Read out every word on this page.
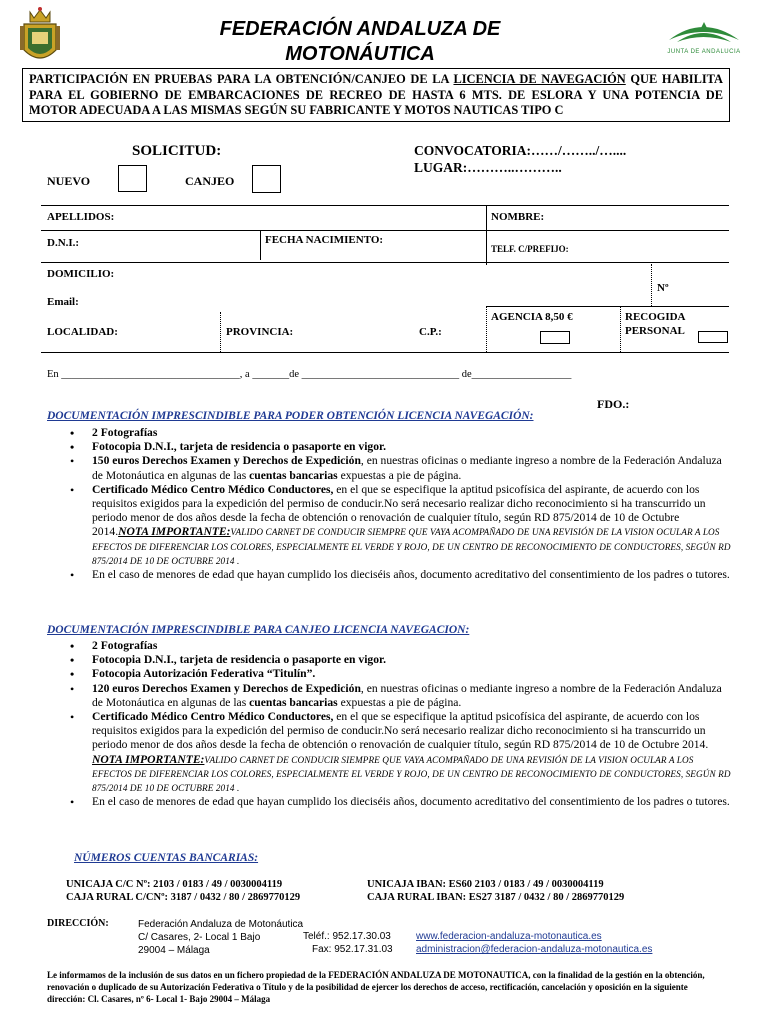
FEDERACIÓN ANDALUZA DE
MOTONÁUTICA	JUNTA DE ANDALUCIA
PARTICIPACIÓN EN PRUEBAS PARA LA OBTENCIÓN/CANJEO DE LA LICENCIA DE NAVEGACIÓN QUE HABILITA PARA EL GOBIERNO DE EMBARCACIONES DE RECREO DE HASTA 6 MTS. DE ESLORA Y UNA POTENCIA DE MOTOR ADECUADA A LAS MISMAS SEGÚN SU FABRICANTE Y MOTOS NAUTICAS TIPO C
SOLICITUD:
NUEVO	CANJEO
CONVOCATORIA:……/……../…....
LUGAR:………..………..
APELLIDOS:	NOMBRE:
D.N.I.:	FECHA NACIMIENTO:
TELF. C/PREFIJO:
DOMICILIO:
Nº
Email:
LOCALIDAD:	PROVINCIA:	C.P.:
AGENCIA 8,50 €	RECOGIDA
PERSONAL
En __________________________________, a _______de ______________________________ de___________________
FDO.:
DOCUMENTACIÓN IMPRESCINDIBLE PARA PODER OBTENCIÓN LICENCIA NAVEGACIÓN:
• 2 Fotografías
• Fotocopia D.N.I., tarjeta de residencia o pasaporte en vigor.
• 150 euros Derechos Examen y Derechos de Expedición, en nuestras oficinas o mediante ingreso a nombre de la Federación Andaluza de Motonáutica en algunas de las cuentas bancarias expuestas a pie de página.
• Certificado Médico Centro Médico Conductores, en el que se especifique la aptitud psicofísica del aspirante, de acuerdo con los requisitos exigidos para la expedición del permiso de conducir.No será necesario realizar dicho reconocimiento si ha transcurrido un periodo menor de dos años desde la fecha de obtención o renovación de cualquier título, según RD 875/2014 de 10 de Octubre 2014.NOTA IMPORTANTE:VALIDO CARNET DE CONDUCIR SIEMPRE QUE VAYA ACOMPAÑADO DE UNA REVISIÓN DE LA VISION OCULAR A LOS EFECTOS DE DIFERENCIAR LOS COLORES, ESPECIALMENTE EL VERDE Y ROJO, DE UN CENTRO DE RECONOCIMIENTO DE CONDUCTORES, SEGÚN RD 875/2014 DE 10 DE OCTUBRE 2014 .
• En el caso de menores de edad que hayan cumplido los dieciséis años, documento acreditativo del consentimiento de los padres o tutores.
DOCUMENTACIÓN IMPRESCINDIBLE PARA CANJEO LICENCIA NAVEGACION:
• 2 Fotografías
• Fotocopia D.N.I., tarjeta de residencia o pasaporte en vigor.
• Fotocopia Autorización Federativa “Titulín”.
• 120 euros Derechos Examen y Derechos de Expedición, en nuestras oficinas o mediante ingreso a nombre de la Federación Andaluza de Motonáutica en algunas de las cuentas bancarias expuestas a pie de página.
• Certificado Médico Centro Médico Conductores, en el que se especifique la aptitud psicofísica del aspirante, de acuerdo con los requisitos exigidos para la expedición del permiso de conducir.No será necesario realizar dicho reconocimiento si ha transcurrido un periodo menor de dos años desde la fecha de obtención o renovación de cualquier título, según RD 875/2014 de 10 de Octubre 2014. NOTA IMPORTANTE:VALIDO CARNET DE CONDUCIR SIEMPRE QUE VAYA ACOMPAÑADO DE UNA REVISIÓN DE LA VISION OCULAR A LOS EFECTOS DE DIFERENCIAR LOS COLORES, ESPECIALMENTE EL VERDE Y ROJO, DE UN CENTRO DE RECONOCIMIENTO DE CONDUCTORES, SEGÚN RD 875/2014 DE 10 DE OCTUBRE 2014 .
• En el caso de menores de edad que hayan cumplido los dieciséis años, documento acreditativo del consentimiento de los padres o tutores.
NÚMEROS CUENTAS BANCARIAS:
UNICAJA C/C Nº: 2103 / 0183 / 49 / 0030004119
CAJA RURAL C/CNº: 3187 / 0432 / 80 / 2869770129
UNICAJA IBAN: ES60 2103 / 0183 / 49 / 0030004119
CAJA RURAL IBAN: ES27 3187 / 0432 / 80 / 2869770129
DIRECCIÓN:	Federación Andaluza de Motonáutica
C/ Casares, 2- Local 1 Bajo
29004 – Málaga
Teléf.: 952.17.30.03
Fax: 952.17.31.03
www.federacion-andaluza-motonautica.es
administracion@federacion-andaluza-motonautica.es
Le informamos de la inclusión de sus datos en un fichero propiedad de la FEDERACIÓN ANDALUZA DE MOTONAUTICA, con la finalidad de la gestión en la obtención, renovación o duplicado de su Autorización Federativa o Título y de la posibilidad de ejercer los derechos de acceso, rectificación, cancelación y oposición en la siguiente dirección: Cl. Casares, nº 6- Local 1- Bajo 29004 – Málaga
